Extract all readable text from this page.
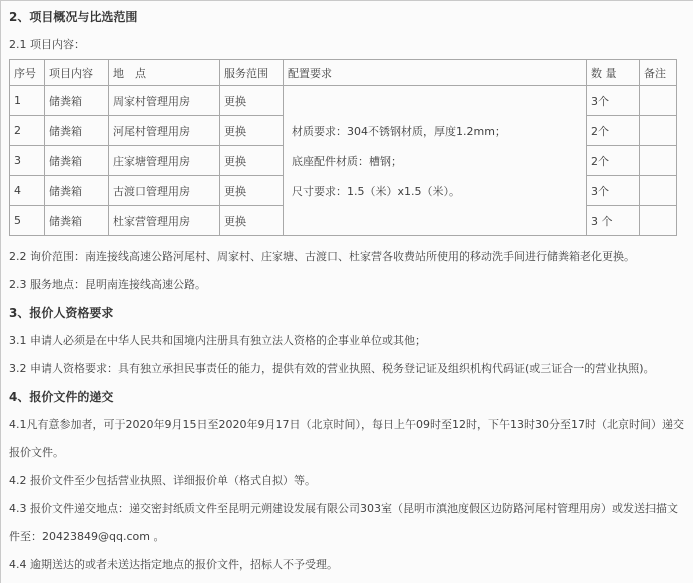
2、项目概况与比选范围

2.1 项目内容：

序号	项目内容	地　点	服务范围	配置要求	数 量	备注
1	储粪箱	周家村管理用房	更换	材质要求：304不锈钢材质，厚度1.2mm；
底座配件材质：槽钢；
尺寸要求：1.5（米）x1.5（米）。	3个	
2	储粪箱	河尾村管理用房	更换		2个	
3	储粪箱	庄家塘管理用房	更换		2个	
4	储粪箱	古渡口管理用房	更换		3个	
5	储粪箱	杜家营管理用房	更换		3 个	

2.2 询价范围：南连接线高速公路河尾村、周家村、庄家塘、古渡口、杜家营各收费站所使用的移动洗手间进行储粪箱老化更换。

2.3 服务地点：昆明南连接线高速公路。

3、报价人资格要求

3.1 申请人必须是在中华人民共和国境内注册具有独立法人资格的企事业单位或其他；

3.2 申请人资格要求：具有独立承担民事责任的能力，提供有效的营业执照、税务登记证及组织机构代码证(或三证合一的营业执照)。

4、报价文件的递交

4.1凡有意参加者，可于2020年9月15日至2020年9月17日（北京时间），每日上午09时至12时，下午13时30分至17时（北京时间）递交报价文件。

4.2 报价文件至少包括营业执照、详细报价单（格式自拟）等。

4.3 报价文件递交地点：递交密封纸质文件至昆明元朔建设发展有限公司303室（昆明市滇池度假区边防路河尾村管理用房）或发送扫描文件至：20423849@qq.com 。

4.4 逾期送达的或者未送达指定地点的报价文件，招标人不予受理。
